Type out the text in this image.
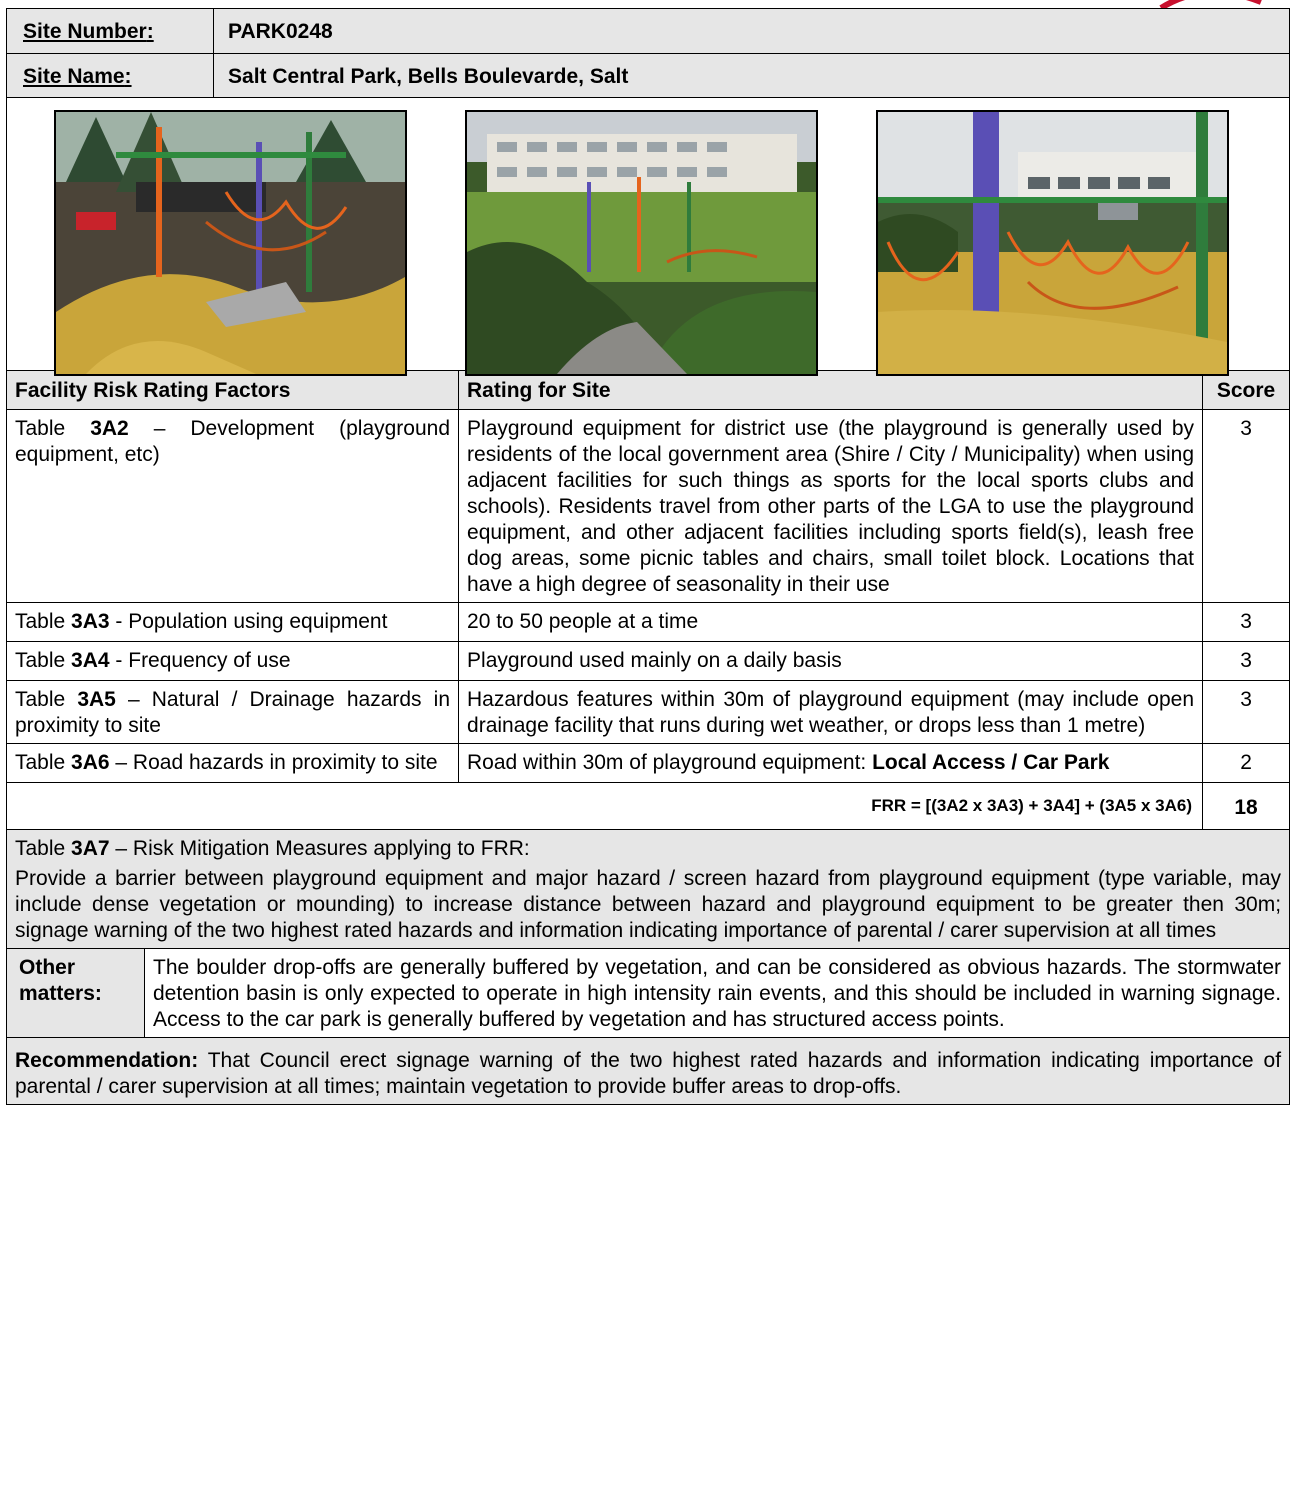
Site Number:		PARK0248		
Site Name:		Salt Central Park, Bells Boulevarde, Salt		

Facility Risk Rating Factors			Rating for Site	Score
Table 3A2 – Development (playground equipment, etc)			Playground equipment for district use (the playground is generally used by residents of the local government area (Shire / City / Municipality) when using adjacent facilities for such things as sports for the local sports clubs and schools). Residents travel from other parts of the LGA to use the playground equipment, and other adjacent facilities including sports field(s), leash free dog areas, some picnic tables and chairs, small toilet block. Locations that have a high degree of seasonality in their use	3
Table 3A3 - Population using equipment			20 to 50 people at a time	3
Table 3A4 - Frequency of use			Playground used mainly on a daily basis	3
Table 3A5 – Natural / Drainage hazards in proximity to site			Hazardous features within 30m of playground equipment (may include open drainage facility that runs during wet weather, or drops less than 1 metre)	3
Table 3A6 – Road hazards in proximity to site			Road within 30m of playground equipment: Local Access / Car Park	2
FRR = [(3A2 x 3A3) + 3A4] + (3A5 x 3A6)				18

Table 3A7 – Risk Mitigation Measures applying to FRR:
Provide a barrier between playground equipment and major hazard / screen hazard from playground equipment (type variable, may include dense vegetation or mounding) to increase distance between hazard and playground equipment to be greater then 30m; signage warning of the two highest rated hazards and information indicating importance of parental / carer supervision at all times				

Other matters:	The boulder drop-offs are generally buffered by vegetation, and can be considered as obvious hazards. The stormwater detention basin is only expected to operate in high intensity rain events, and this should be included in warning signage. Access to the car park is generally buffered by vegetation and has structured access points.			
Recommendation: That Council erect signage warning of the two highest rated hazards and information indicating importance of parental / carer supervision at all times; maintain vegetation to provide buffer areas to drop-offs.				
